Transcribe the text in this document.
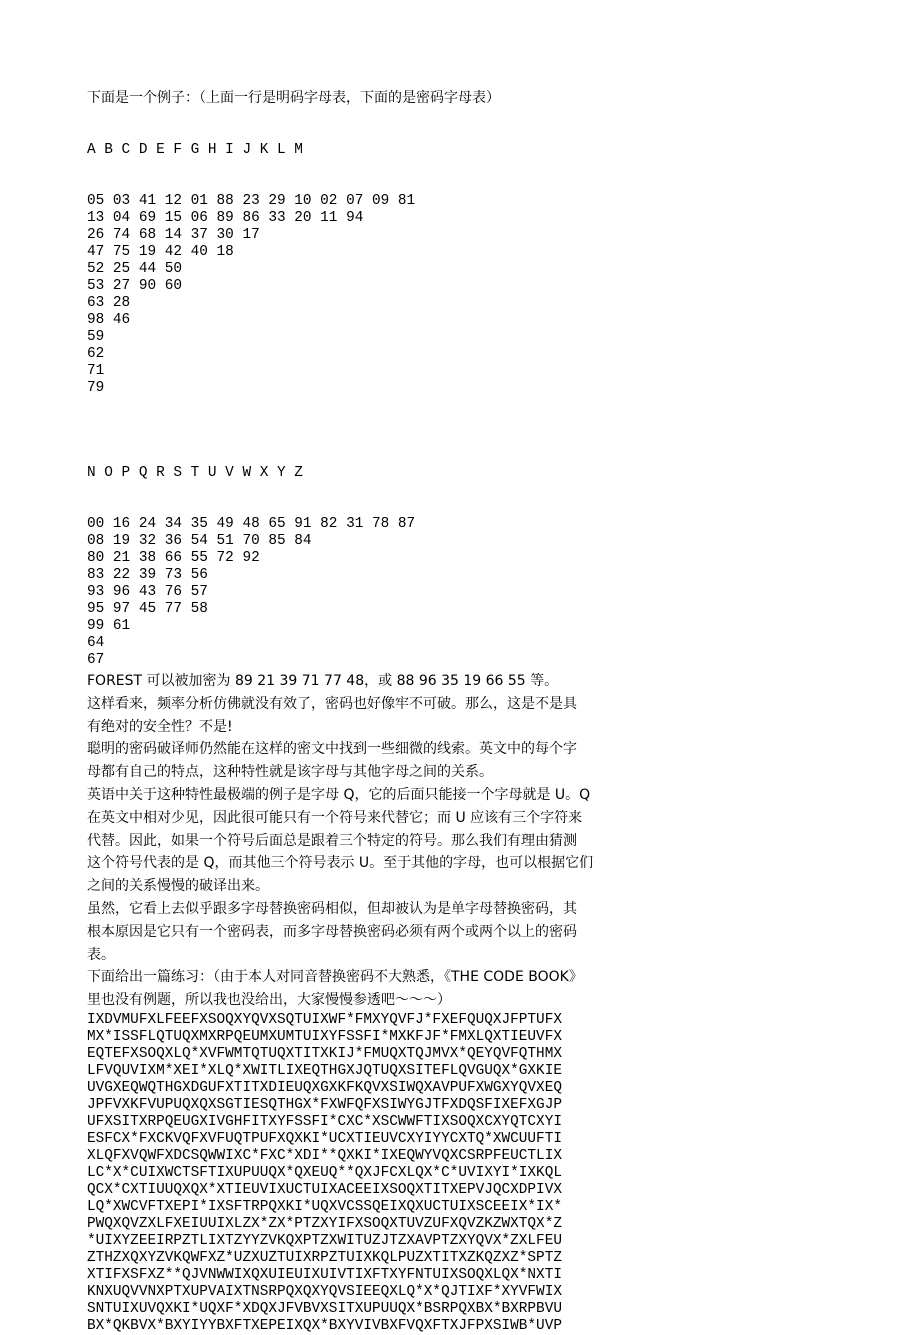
下面是一个例子：（上面一行是明码字母表，下面的是密码字母表）

A B C D E F G H I J K L M

05 03 41 12 01 88 23 29 10 02 07 09 81
13 04 69 15 06 89 86 33 20 11 94
26 74 68 14 37 30 17
47 75 19 42 40 18
52 25 44 50
53 27 90 60
63 28
98 46
59
62
71
79

N O P Q R S T U V W X Y Z

00 16 24 34 35 49 48 65 91 82 31 78 87
08 19 32 36 54 51 70 85 84
80 21 38 66 55 72 92
83 22 39 73 56
93 96 43 76 57
95 97 45 77 58
99 61
64
67
FOREST 可以被加密为 89 21 39 71 77 48，或 88 96 35 19 66 55 等。
这样看来，频率分析仿佛就没有效了，密码也好像牢不可破。那么，这是不是具
有绝对的安全性？不是!
聪明的密码破译师仍然能在这样的密文中找到一些细微的线索。英文中的每个字
母都有自己的特点，这种特性就是该字母与其他字母之间的关系。
英语中关于这种特性最极端的例子是字母 Q，它的后面只能接一个字母就是 U。Q
在英文中相对少见，因此很可能只有一个符号来代替它；而 U 应该有三个字符来
代替。因此，如果一个符号后面总是跟着三个特定的符号。那么我们有理由猜测
这个符号代表的是 Q，而其他三个符号表示 U。至于其他的字母，也可以根据它们
之间的关系慢慢的破译出来。
虽然，它看上去似乎跟多字母替换密码相似，但却被认为是单字母替换密码，其
根本原因是它只有一个密码表，而多字母替换密码必须有两个或两个以上的密码
表。
下面给出一篇练习：（由于本人对同音替换密码不大熟悉，《THE CODE BOOK》
里也没有例题，所以我也没给出，大家慢慢参透吧～～～）
IXDVMUFXLFEEFXSOQXYQVXSQTUIXWF*FMXYQVFJ*FXEFQUQXJFPTUFX
MX*ISSFLQTUQXMXRPQEUMXUMTUIXYFSSFI*MXKFJF*FMXLQXTIEUVFX
EQTEFXSOQXLQ*XVFWMTQTUQXTITXKIJ*FMUQXTQJMVX*QEYQVFQTHMX
LFVQUVIXM*XEI*XLQ*XWITLIXEQTHGXJQTUQXSITEFLQVGUQX*GXKIE
UVGXEQWQTHGXDGUFXTITXDIEUQXGXKFKQVXSIWQXAVPUFXWGXYQVXEQ
JPFVXKFVUPUQXQXSGTIESQTHGX*FXWFQFXSIWYGJTFXDQSFIXEFXGJP
UFXSITXRPQEUGXIVGHFITXYFSSFI*CXC*XSCWWFTIXSOQXCXYQTCXYI
ESFCX*FXCKVQFXVFUQTPUFXQXKI*UCXTIEUVCXYIYYCXTQ*XWCUUFTI
XLQFXVQWFXDCSQWWIXC*FXC*XDI**QXKI*IXEQWYVQXCSRPFEUCTLIX
LC*X*CUIXWCTSFTIXUPUUQX*QXEUQ**QXJFCXLQX*C*UVIXYI*IXKQL
QCX*CXTIUUQXQX*XTIEUVIXUCTUIXACEEIXSOQXTITXEPVJQCXDPIVX
LQ*XWCVFTXEPI*IXSFTRPQXKI*UQXVCSSQEIXQXUCTUIXSCEEIX*IX*
PWQXQVZXLFXEIUUIXLZX*ZX*PTZXYIFXSOQXTUVZUFXQVZKZWXTQX*Z
*UIXYZEEIRPZTLIXTZYYZVKQXPTZXWITUZJTZXAVPTZXYQVX*ZXLFEU
ZTHZXQXYZVKQWFXZ*UZXUZTUIXRPZTUIXKQLPUZXTITXZKQZXZ*SPTZ
XTIFXSFXZ**QJVNWWIXQXUIEUIXUIVTIXFTXYFNTUIXSOQXLQX*NXTI
KNXUQVVNXPTXUPVAIXTNSRPQXQXYQVSIEEQXLQ*X*QJTIXF*XYVFWIX
SNTUIXUVQXKI*UQXF*XDQXJFVBVXSITXUPUUQX*BSRPQXBX*BXRPBVU
BX*QKBVX*BXYIYYBXFTXEPEIXQX*BXYVIVBXFVQXFTXJFPXSIWB*UVP
